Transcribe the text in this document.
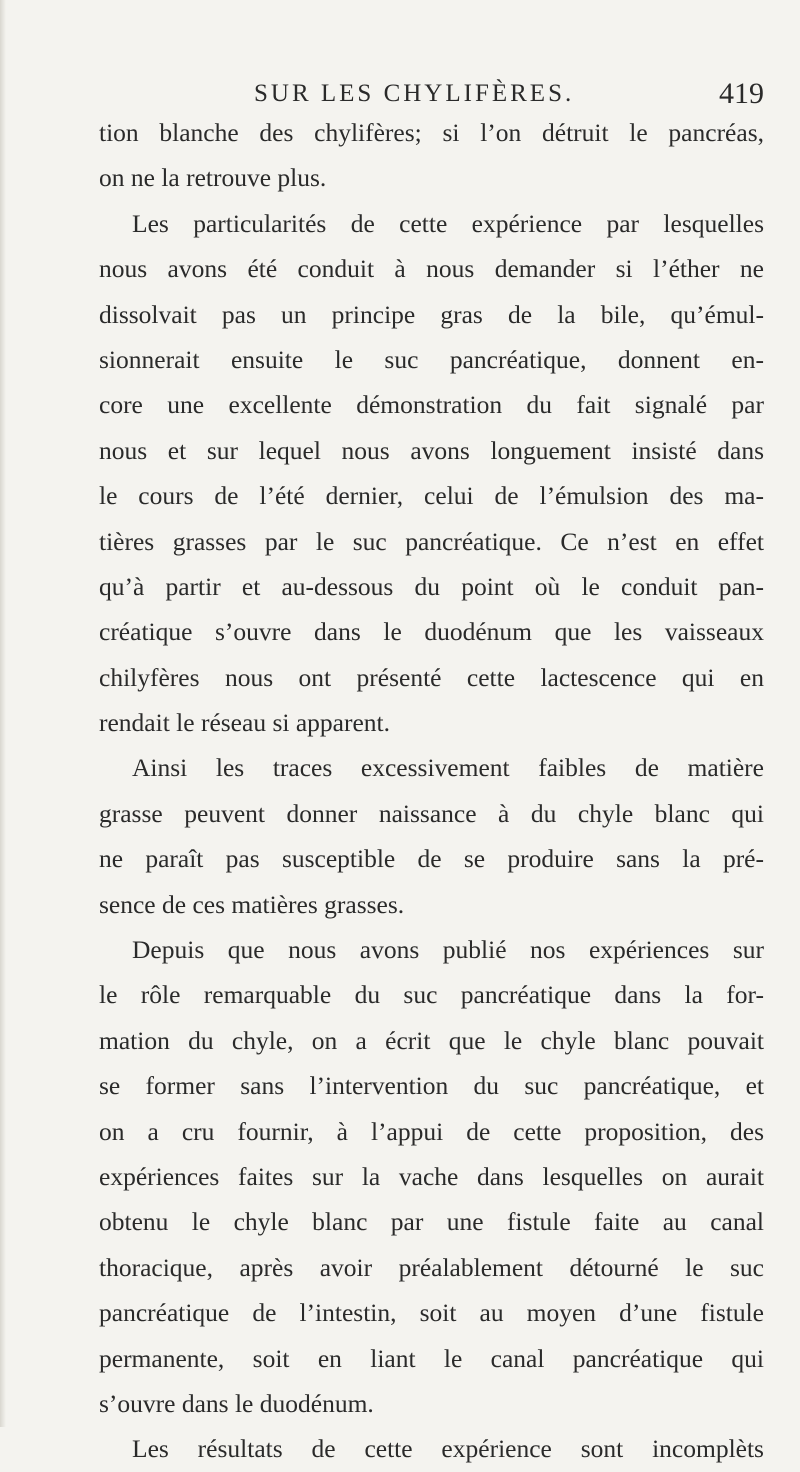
SUR LES CHYLIFÈRES.	419
tion blanche des chylifères; si l’on détruit le pancréas,
on ne la retrouve plus.
Les particularités de cette expérience par lesquelles
nous avons été conduit à nous demander si l’éther ne
dissolvait pas un principe gras de la bile, qu’émul-
sionnerait ensuite le suc pancréatique, donnent en-
core une excellente démonstration du fait signalé par
nous et sur lequel nous avons longuement insisté dans
le cours de l’été dernier, celui de l’émulsion des ma-
tières grasses par le suc pancréatique. Ce n’est en effet
qu’à partir et au-dessous du point où le conduit pan-
créatique s’ouvre dans le duodénum que les vaisseaux
chilyfères nous ont présenté cette lactescence qui en
rendait le réseau si apparent.
Ainsi les traces excessivement faibles de matière
grasse peuvent donner naissance à du chyle blanc qui
ne paraît pas susceptible de se produire sans la pré-
sence de ces matières grasses.
Depuis que nous avons publié nos expériences sur
le rôle remarquable du suc pancréatique dans la for-
mation du chyle, on a écrit que le chyle blanc pouvait
se former sans l’intervention du suc pancréatique, et
on a cru fournir, à l’appui de cette proposition, des
expériences faites sur la vache dans lesquelles on aurait
obtenu le chyle blanc par une fistule faite au canal
thoracique, après avoir préalablement détourné le suc
pancréatique de l’intestin, soit au moyen d’une fistule
permanente, soit en liant le canal pancréatique qui
s’ouvre dans le duodénum.
Les résultats de cette expérience sont incomplèts
